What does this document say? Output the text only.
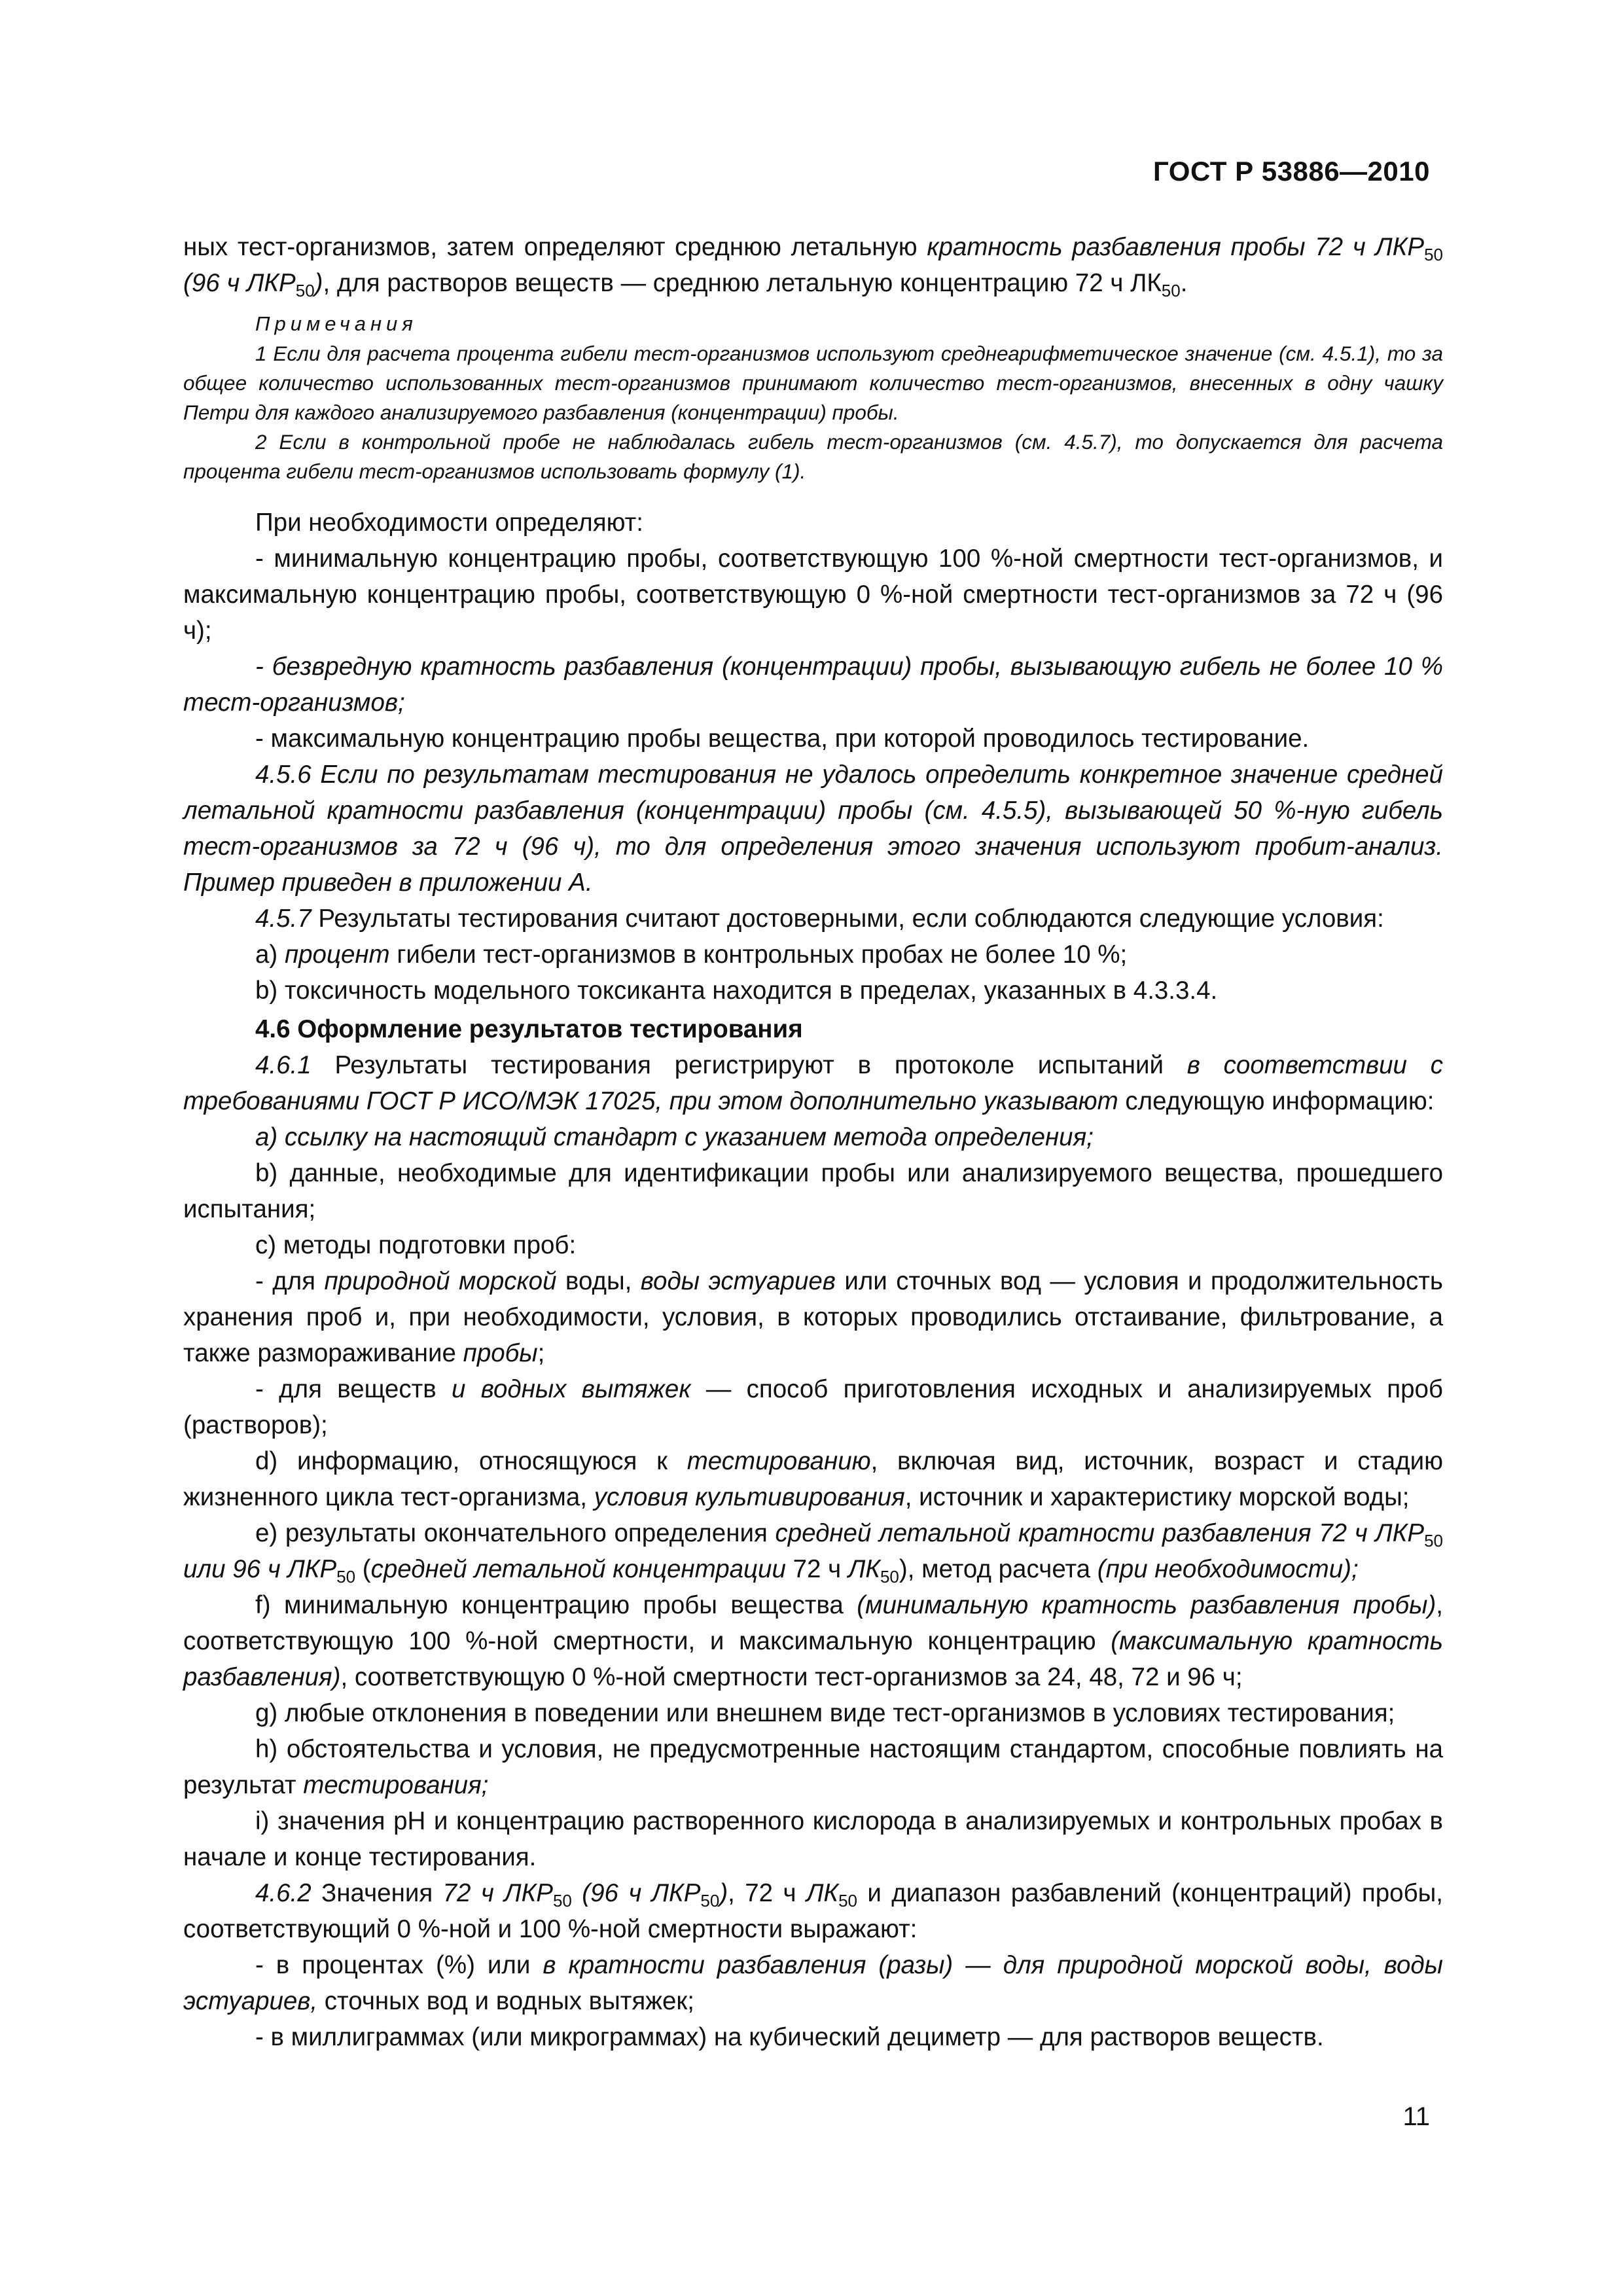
ГОСТ Р 53886—2010

ных тест-организмов, затем определяют среднюю летальную кратность разбавления пробы 72 ч $ЛКР_{50}$ (96 ч $ЛКР_{50}$), для растворов веществ — среднюю летальную концентрацию 72 ч $ЛК_{50}$.

Примечания

1 Если для расчета процента гибели тест-организмов используют среднеарифметическое значение (см. 4.5.1), то за общее количество использованных тест-организмов принимают количество тест-организмов, внесенных в одну чашку Петри для каждого анализируемого разбавления (концентрации) пробы.

2 Если в контрольной пробе не наблюдалась гибель тест-организмов (см. 4.5.7), то допускается для расчета процента гибели тест-организмов использовать формулу (1).

При необходимости определяют:

- минимальную концентрацию пробы, соответствующую 100 %-ной смертности тест-организмов, и максимальную концентрацию пробы, соответствующую 0 %-ной смертности тест-организмов за 72 ч (96 ч);

- безвредную кратность разбавления (концентрации) пробы, вызывающую гибель не более 10 % тест-организмов;

- максимальную концентрацию пробы вещества, при которой проводилось тестирование.

4.5.6 Если по результатам тестирования не удалось определить конкретное значение средней летальной кратности разбавления (концентрации) пробы (см. 4.5.5), вызывающей 50 %-ную гибель тест-организмов за 72 ч (96 ч), то для определения этого значения используют пробит-анализ. Пример приведен в приложении А.

4.5.7 Результаты тестирования считают достоверными, если соблюдаются следующие условия:

a) процент гибели тест-организмов в контрольных пробах не более 10 %;

b) токсичность модельного токсиканта находится в пределах, указанных в 4.3.3.4.

4.6 Оформление результатов тестирования

4.6.1 Результаты тестирования регистрируют в протоколе испытаний в соответствии с требованиями ГОСТ Р ИСО/МЭК 17025, при этом дополнительно указывают следующую информацию:

а) ссылку на настоящий стандарт с указанием метода определения;

b) данные, необходимые для идентификации пробы или анализируемого вещества, прошедшего испытания;

c) методы подготовки проб:

- для природной морской воды, воды эстуариев или сточных вод — условия и продолжительность хранения проб и, при необходимости, условия, в которых проводились отстаивание, фильтрование, а также размораживание пробы;

- для веществ и водных вытяжек — способ приготовления исходных и анализируемых проб (растворов);

d) информацию, относящуюся к тестированию, включая вид, источник, возраст и стадию жизненного цикла тест-организма, условия культивирования, источник и характеристику морской воды;

e) результаты окончательного определения средней летальной кратности разбавления 72 ч $ЛКР_{50}$ или 96 ч $ЛКР_{50}$ (средней летальной концентрации 72 ч $ЛК_{50}$), метод расчета (при необходимости);

f) минимальную концентрацию пробы вещества (минимальную кратность разбавления пробы), соответствующую 100 %-ной смертности, и максимальную концентрацию (максимальную кратность разбавления), соответствующую 0 %-ной смертности тест-организмов за 24, 48, 72 и 96 ч;

g) любые отклонения в поведении или внешнем виде тест-организмов в условиях тестирования;

h) обстоятельства и условия, не предусмотренные настоящим стандартом, способные повлиять на результат тестирования;

i) значения pH и концентрацию растворенного кислорода в анализируемых и контрольных пробах в начале и конце тестирования.

4.6.2 Значения 72 ч $ЛКР_{50}$ (96 ч $ЛКР_{50}$), 72 ч $ЛК_{50}$ и диапазон разбавлений (концентраций) пробы, соответствующий 0 %-ной и 100 %-ной смертности выражают:

- в процентах (%) или в кратности разбавления (разы) — для природной морской воды, воды эстуариев, сточных вод и водных вытяжек;

- в миллиграммах (или микрограммах) на кубический дециметр — для растворов веществ.

11
